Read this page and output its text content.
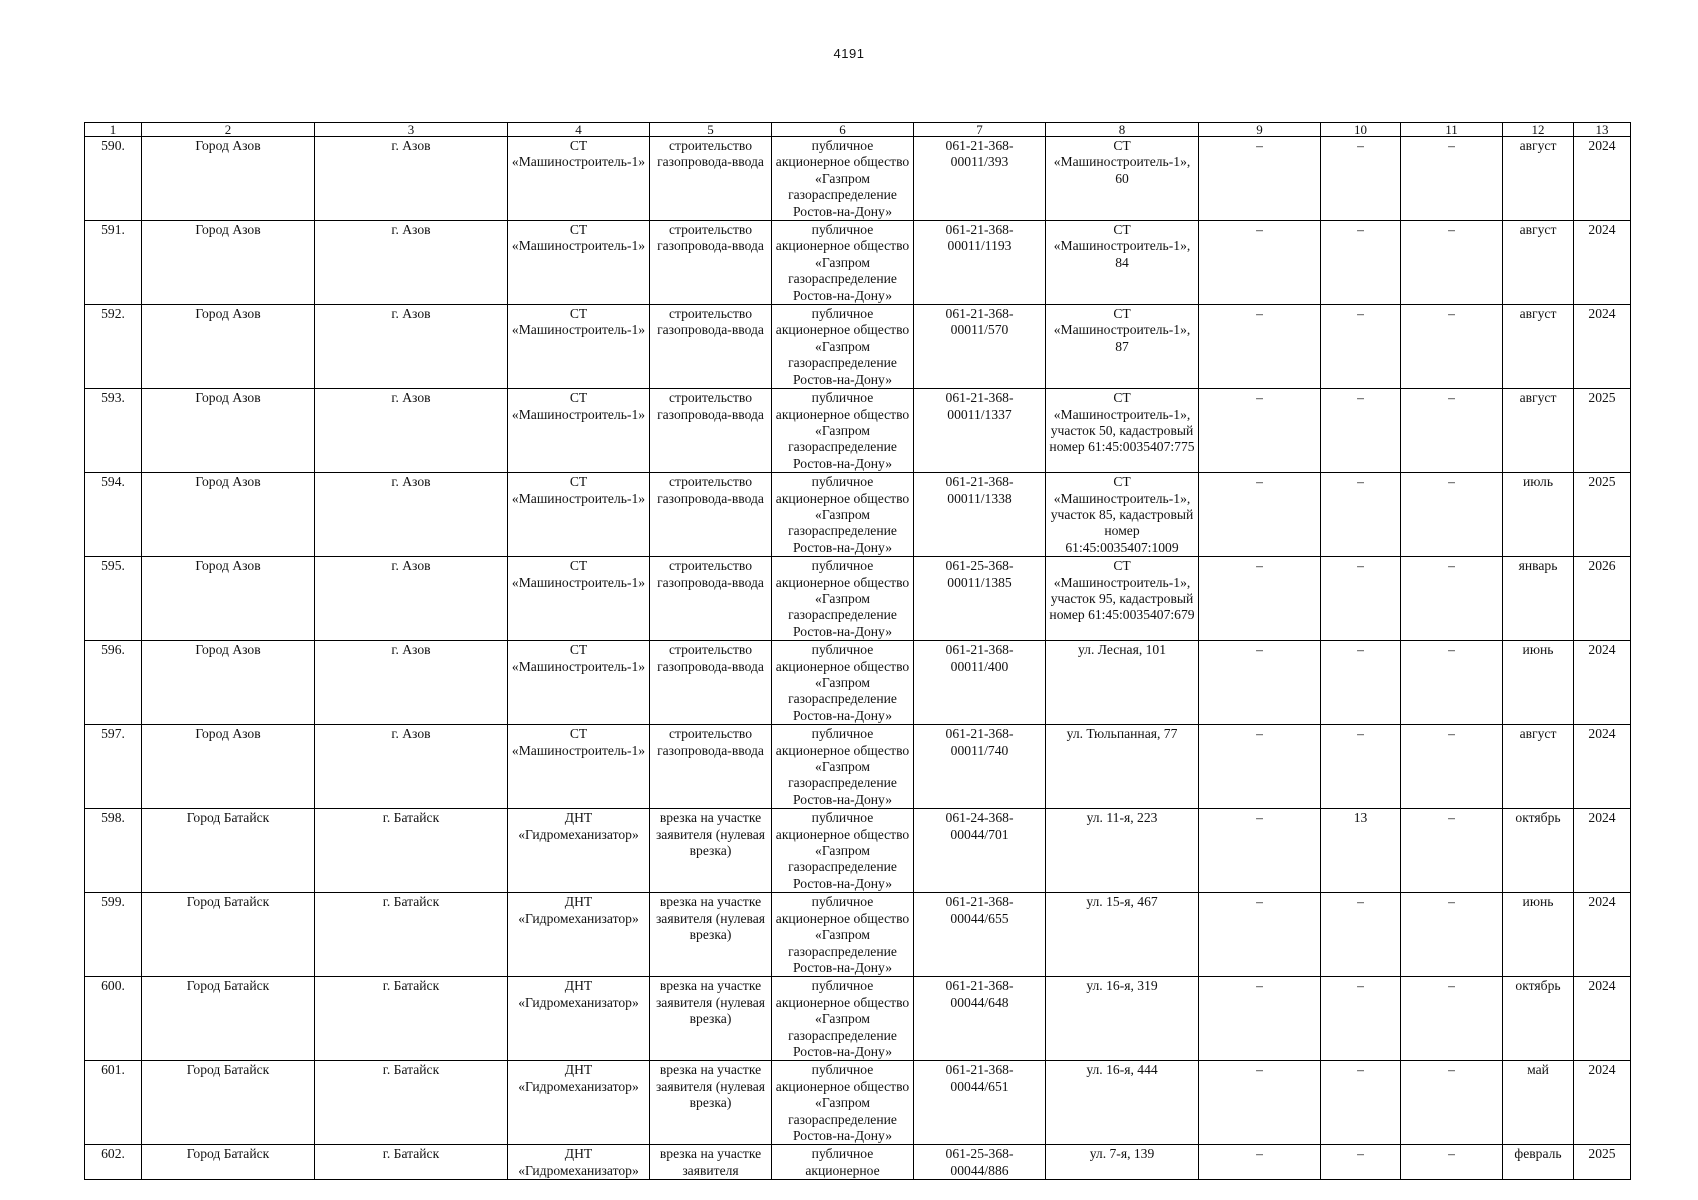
4191
1	2	3	4	5	6	7	8	9	10	11	12	13
590.	Город Азов	г. Азов	СТ «Машиностроитель-1»	строительство газопровода-ввода	публичное акционерное общество «Газпром газораспределение Ростов-на-Дону»	061-21-368-00011/393	СТ «Машиностроитель-1», 60	–	–	–	август	2024
591.	Город Азов	г. Азов	СТ «Машиностроитель-1»	строительство газопровода-ввода	публичное акционерное общество «Газпром газораспределение Ростов-на-Дону»	061-21-368-00011/1193	СТ «Машиностроитель-1», 84	–	–	–	август	2024
592.	Город Азов	г. Азов	СТ «Машиностроитель-1»	строительство газопровода-ввода	публичное акционерное общество «Газпром газораспределение Ростов-на-Дону»	061-21-368-00011/570	СТ «Машиностроитель-1», 87	–	–	–	август	2024
593.	Город Азов	г. Азов	СТ «Машиностроитель-1»	строительство газопровода-ввода	публичное акционерное общество «Газпром газораспределение Ростов-на-Дону»	061-21-368-00011/1337	СТ «Машиностроитель-1», участок 50, кадастровый номер 61:45:0035407:775	–	–	–	август	2025
594.	Город Азов	г. Азов	СТ «Машиностроитель-1»	строительство газопровода-ввода	публичное акционерное общество «Газпром газораспределение Ростов-на-Дону»	061-21-368-00011/1338	СТ «Машиностроитель-1», участок 85, кадастровый номер 61:45:0035407:1009	–	–	–	июль	2025
595.	Город Азов	г. Азов	СТ «Машиностроитель-1»	строительство газопровода-ввода	публичное акционерное общество «Газпром газораспределение Ростов-на-Дону»	061-25-368-00011/1385	СТ «Машиностроитель-1», участок 95, кадастровый номер 61:45:0035407:679	–	–	–	январь	2026
596.	Город Азов	г. Азов	СТ «Машиностроитель-1»	строительство газопровода-ввода	публичное акционерное общество «Газпром газораспределение Ростов-на-Дону»	061-21-368-00011/400	ул. Лесная, 101	–	–	–	июнь	2024
597.	Город Азов	г. Азов	СТ «Машиностроитель-1»	строительство газопровода-ввода	публичное акционерное общество «Газпром газораспределение Ростов-на-Дону»	061-21-368-00011/740	ул. Тюльпанная, 77	–	–	–	август	2024
598.	Город Батайск	г. Батайск	ДНТ «Гидромеханизатор»	врезка на участке заявителя (нулевая врезка)	публичное акционерное общество «Газпром газораспределение Ростов-на-Дону»	061-24-368-00044/701	ул. 11-я, 223	–	13	–	октябрь	2024
599.	Город Батайск	г. Батайск	ДНТ «Гидромеханизатор»	врезка на участке заявителя (нулевая врезка)	публичное акционерное общество «Газпром газораспределение Ростов-на-Дону»	061-21-368-00044/655	ул. 15-я, 467	–	–	–	июнь	2024
600.	Город Батайск	г. Батайск	ДНТ «Гидромеханизатор»	врезка на участке заявителя (нулевая врезка)	публичное акционерное общество «Газпром газораспределение Ростов-на-Дону»	061-21-368-00044/648	ул. 16-я, 319	–	–	–	октябрь	2024
601.	Город Батайск	г. Батайск	ДНТ «Гидромеханизатор»	врезка на участке заявителя (нулевая врезка)	публичное акционерное общество «Газпром газораспределение Ростов-на-Дону»	061-21-368-00044/651	ул. 16-я, 444	–	–	–	май	2024
602.	Город Батайск	г. Батайск	ДНТ «Гидромеханизатор»	врезка на участке заявителя	публичное акционерное	061-25-368-00044/886	ул. 7-я, 139	–	–	–	февраль	2025
